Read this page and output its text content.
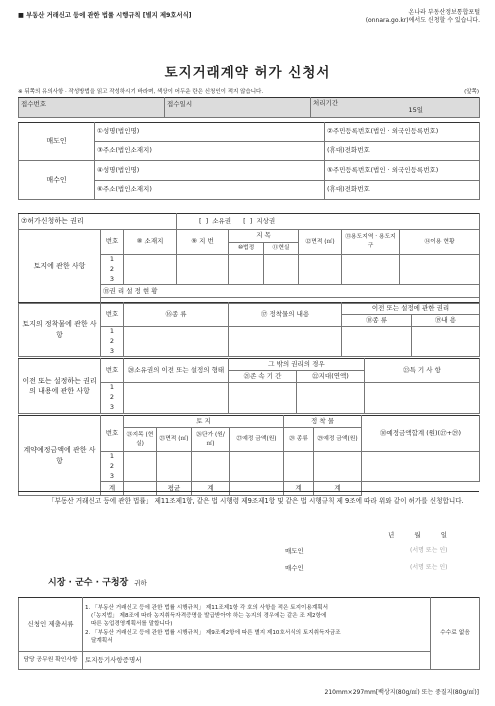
■ 부동산 거래신고 등에 관한 법률 시행규칙 [별지 제9호서식]	온나라 부동산정보통합포털
(onnara.go.kr)에서도 신청할 수 있습니다.
토지거래계약 허가 신청서
※ 뒤쪽의 유의사항 · 작성방법을 읽고 작성하시기 바라며, 색상이 어두운 란은 신청인이 적지 않습니다.	(앞쪽)
접수번호	접수일시	처리기간
15일
매도인	①성명(법인명)	②주민등록번호(법인 · 외국인등록번호)
	③주소(법인소재지)	(휴대)전화번호
매수인	④성명(법인명)	⑤주민등록번호(법인 · 외국인등록번호)
	⑥주소(법인소재지)	(휴대)전화번호
⑦허가신청하는 권리			[ ] 소유권 [ ] 지상권					
토지에 관한 사항	번호	⑧ 소재지	⑨ 지 번	지 목		⑫면적 (㎡)	⑬용도지역 · 용도지구	⑭이용 현황
				⑩법정	⑪현실			

	1
2
3							

	⑮권 리 설 정 현 황							

토지의 정착물에 관한 사항	번호	⑯종 류	⑰ 정착물의 내용	이전 또는 설정에 관한 권리	
				⑱종 류	⑲내 용

	1
2
3				

이전 또는 설정하는 권리의 내용에 관한 사항	번호	⑳소유권의 이전 또는 설정의 형태	그 밖의 권리의 경우		㉓특 기 사 항
			㉑존 속 기 간	㉒지대(연액)	

	1
2
3				

계약예정금액에 관한 사항	번호	토 지				정 착 물		㉚예정금액합계 (원)(㉗+㉙)
		㉔지목 (현실)	㉕면적 (㎡)	㉖단가 (원/㎡)	㉗예정 금액(원)	㉘ 종류	㉙예정 금액(원)	

	1
2
3							

	계		평균	계		계	계	
「부동산 거래신고 등에 관한 법률」 제11조제1항, 같은 법 시행령 제9조제1항 및 같은 법 시행규칙 제 9조에 따라 위와 같이 허가를 신청합니다.
년	월	일
매도인	(서명 또는 인)
매수인	(서명 또는 인)
시장 · 군수 · 구청장 귀하
신청인 제출서류	1. 「부동산 거래신고 등에 관한 법률 시행규칙」 제11조제1항 각 호의 사항을 적은 토지이용계획서
(「농지법」 제8조에 따라 농지취득자격증명을 발급받아야 하는 농지의 경우에는 같은 조 제2항에
따른 농업경영계획서를 말합니다)
2. 「부동산 거래신고 등에 관한 법률 시행규칙」 제9조제2항에 따른 별지 제10호서식의 토지취득자금조
달계획서	수수료 없음
담당 공무원 확인사항	토지등기사항증명서	
210mm×297mm[백상지(80g/㎡) 또는 중질지(80g/㎡)]
